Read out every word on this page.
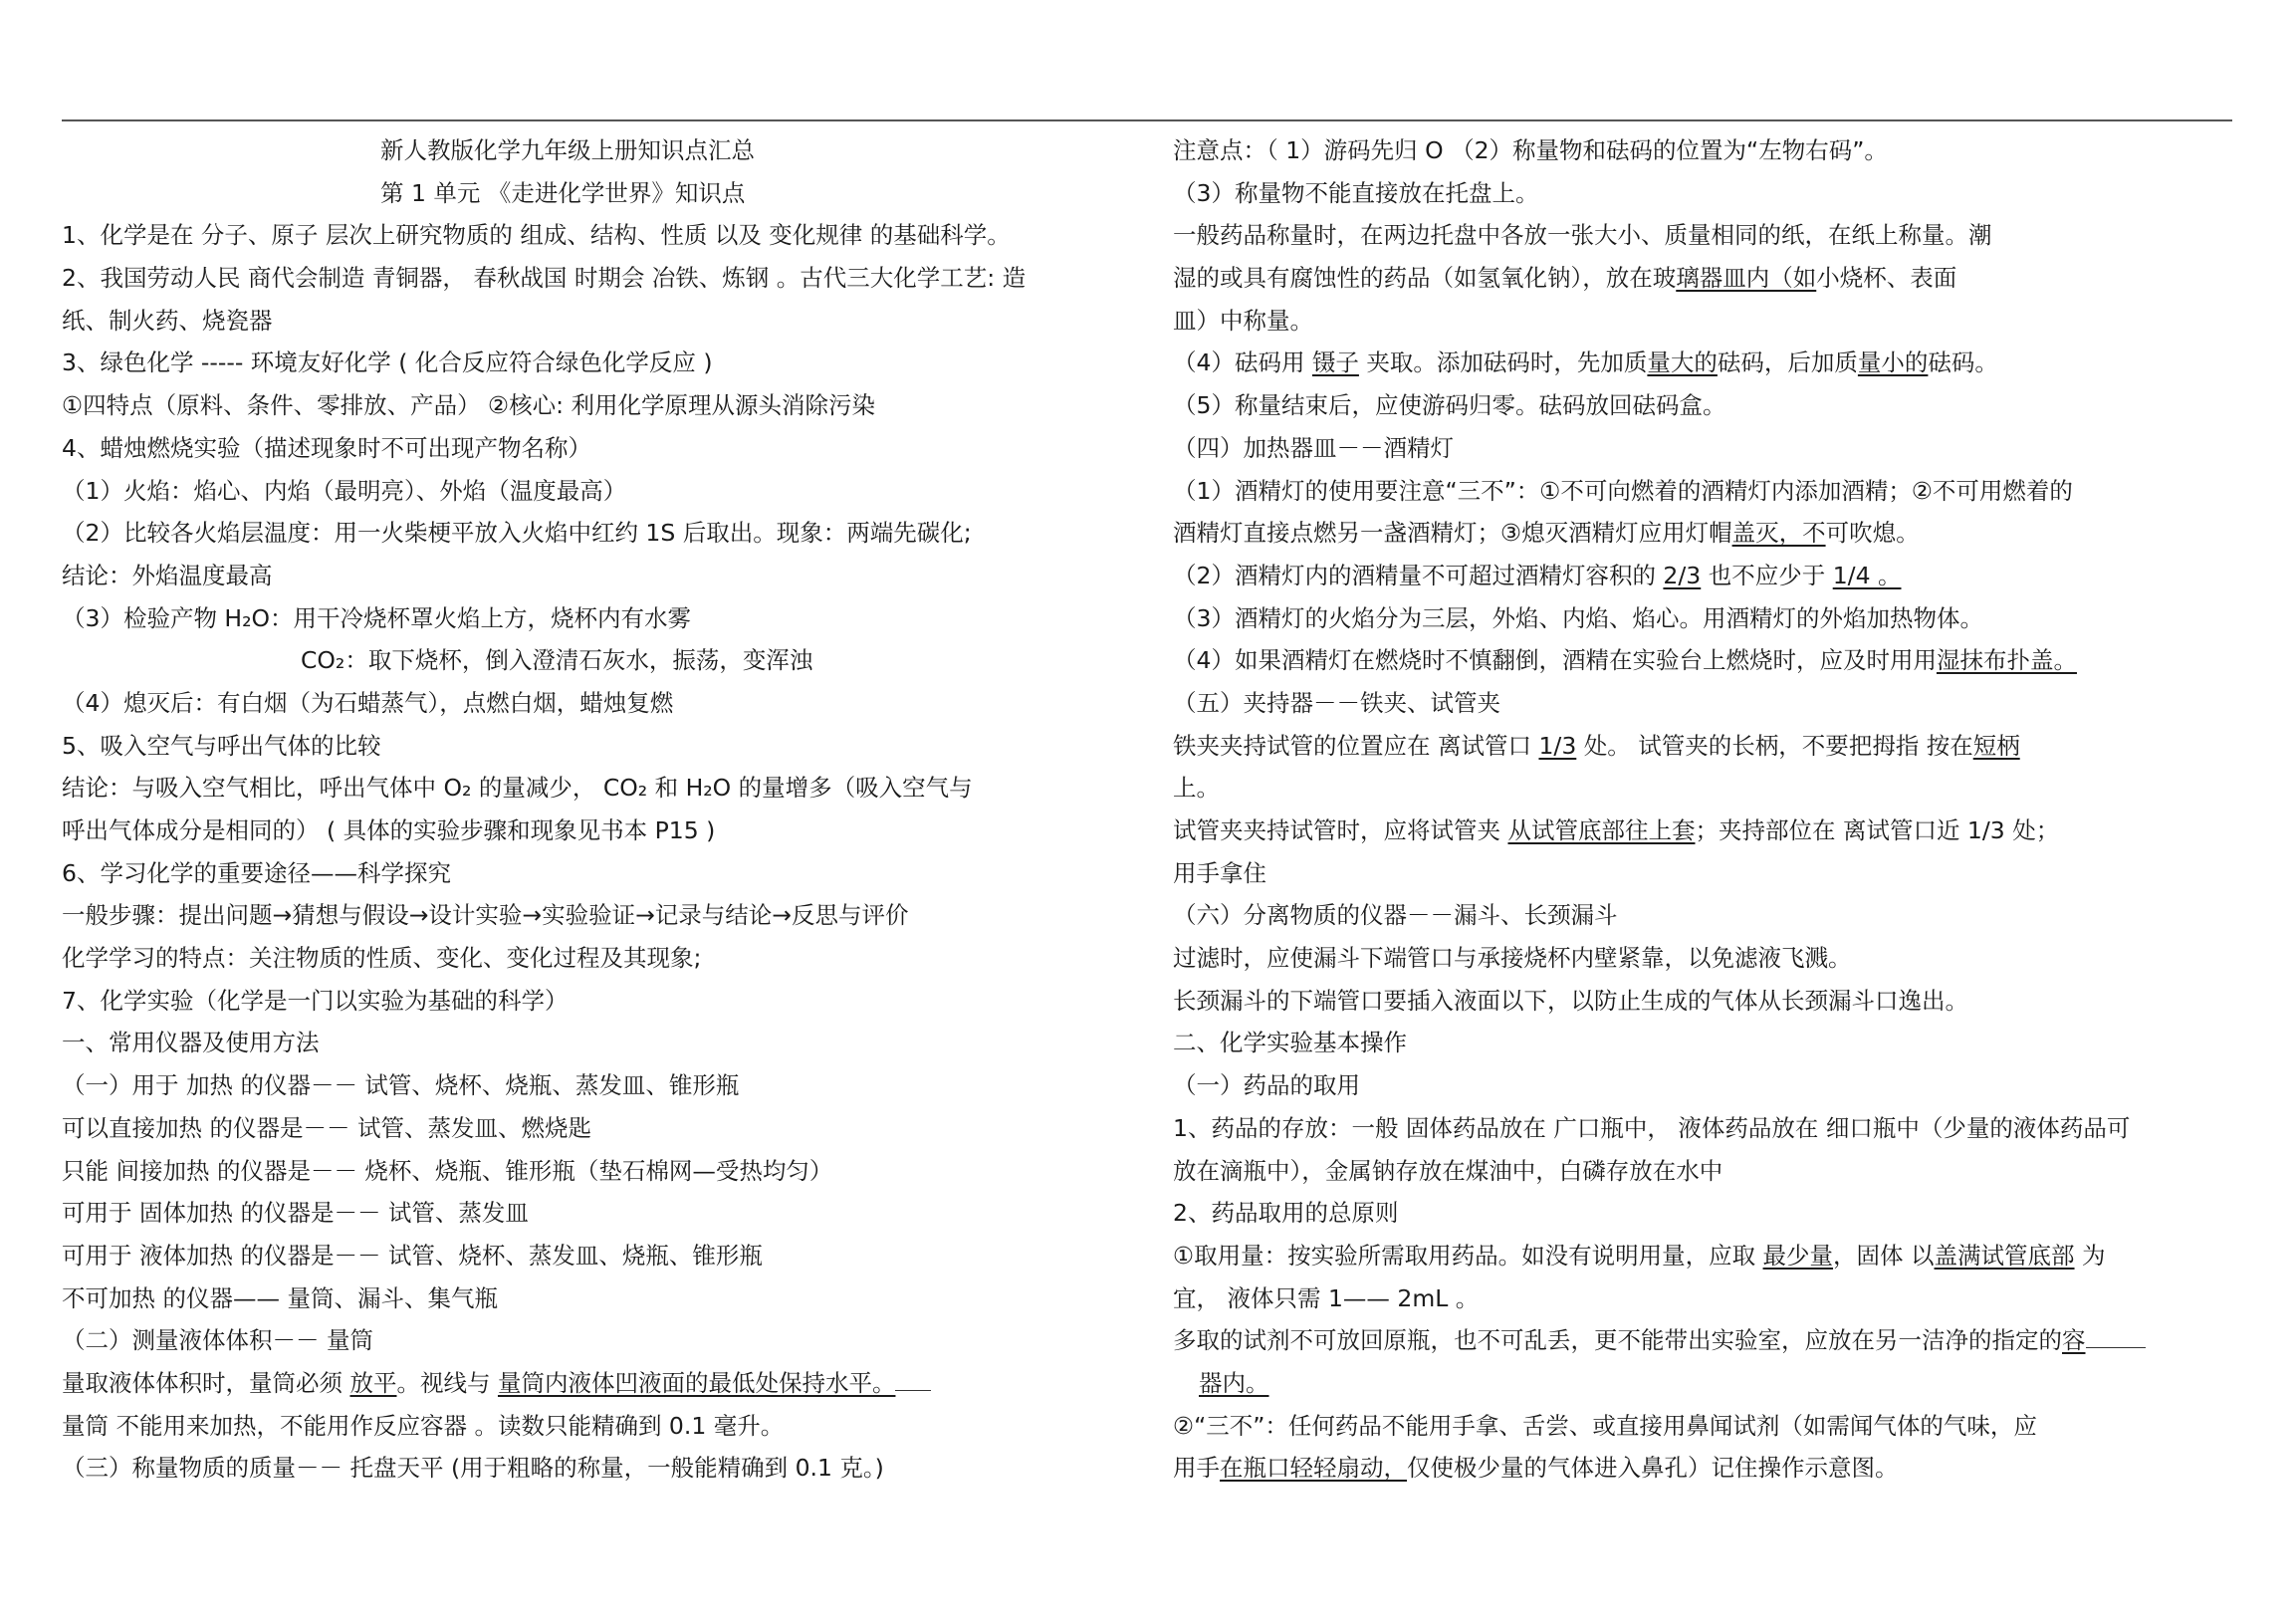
新人教版化学九年级上册知识点汇总
第 1 单元 《走进化学世界》知识点
1、化学是在 分子、原子 层次上研究物质的 组成、结构、性质 以及 变化规律 的基础科学。
2、我国劳动人民 商代会制造 青铜器， 春秋战国 时期会 冶铁、炼钢 。古代三大化学工艺: 造
纸、制火药、烧瓷器
3、绿色化学 ----- 环境友好化学 ( 化合反应符合绿色化学反应 )
①四特点（原料、条件、零排放、产品） ②核心: 利用化学原理从源头消除污染
4、蜡烛燃烧实验（描述现象时不可出现产物名称）
（1）火焰：焰心、内焰（最明亮）、外焰（温度最高）
（2）比较各火焰层温度：用一火柴梗平放入火焰中红约 1S 后取出。现象：两端先碳化;
结论：外焰温度最高
（3）检验产物 H₂O：用干冷烧杯罩火焰上方，烧杯内有水雾
CO₂：取下烧杯，倒入澄清石灰水，振荡，变浑浊
（4）熄灭后：有白烟（为石蜡蒸气），点燃白烟，蜡烛复燃
5、吸入空气与呼出气体的比较
结论：与吸入空气相比，呼出气体中 O₂ 的量减少， CO₂ 和 H₂O 的量增多（吸入空气与
呼出气体成分是相同的） ( 具体的实验步骤和现象见书本 P15 )
6、学习化学的重要途径——科学探究
一般步骤：提出问题→猜想与假设→设计实验→实验验证→记录与结论→反思与评价
化学学习的特点：关注物质的性质、变化、变化过程及其现象;
7、化学实验（化学是一门以实验为基础的科学）
一、常用仪器及使用方法
（一）用于 加热 的仪器－－ 试管、烧杯、烧瓶、蒸发皿、锥形瓶
可以直接加热 的仪器是－－ 试管、蒸发皿、燃烧匙
只能 间接加热 的仪器是－－ 烧杯、烧瓶、锥形瓶（垫石棉网—受热均匀）
可用于 固体加热 的仪器是－－ 试管、蒸发皿
可用于 液体加热 的仪器是－－ 试管、烧杯、蒸发皿、烧瓶、锥形瓶
不可加热 的仪器—— 量筒、漏斗、集气瓶
（二）测量液体体积－－ 量筒
量取液体体积时，量筒必须 放平。视线与 量筒内液体凹液面的最低处保持水平。
量筒 不能用来加热，不能用作反应容器 。读数只能精确到 0.1 毫升。
（三）称量物质的质量－－ 托盘天平 (用于粗略的称量，一般能精确到 0.1 克。)
注意点：（ 1）游码先归 O （2）称量物和砝码的位置为“左物右码”。
（3）称量物不能直接放在托盘上。
一般药品称量时，在两边托盘中各放一张大小、质量相同的纸，在纸上称量。潮
湿的或具有腐蚀性的药品（如氢氧化钠），放在玻璃器皿内（如小烧杯、表面
皿）中称量。
（4）砝码用 镊子 夹取。添加砝码时，先加质量大的砝码，后加质量小的砝码。
（5）称量结束后，应使游码归零。砝码放回砝码盒。
（四）加热器皿－－酒精灯
（1）酒精灯的使用要注意“三不”：①不可向燃着的酒精灯内添加酒精；②不可用燃着的
酒精灯直接点燃另一盏酒精灯；③熄灭酒精灯应用灯帽盖灭，不可吹熄。
（2）酒精灯内的酒精量不可超过酒精灯容积的 2/3 也不应少于 1/4 。
（3）酒精灯的火焰分为三层，外焰、内焰、焰心。用酒精灯的外焰加热物体。
（4）如果酒精灯在燃烧时不慎翻倒，酒精在实验台上燃烧时，应及时用用湿抹布扑盖。
（五）夹持器－－铁夹、试管夹
铁夹夹持试管的位置应在 离试管口 1/3 处。 试管夹的长柄，不要把拇指 按在短柄
上。
试管夹夹持试管时，应将试管夹 从试管底部往上套；夹持部位在 离试管口近 1/3 处；
用手拿住
（六）分离物质的仪器－－漏斗、长颈漏斗
过滤时，应使漏斗下端管口与承接烧杯内壁紧靠，以免滤液飞溅。
长颈漏斗的下端管口要插入液面以下，以防止生成的气体从长颈漏斗口逸出。
二、化学实验基本操作
（一）药品的取用
1、药品的存放：一般 固体药品放在 广口瓶中， 液体药品放在 细口瓶中（少量的液体药品可
放在滴瓶中），金属钠存放在煤油中，白磷存放在水中
2、药品取用的总原则
①取用量：按实验所需取用药品。如没有说明用量，应取 最少量，固体 以盖满试管底部 为
宜， 液体只需 1—— 2mL 。
多取的试剂不可放回原瓶，也不可乱丢，更不能带出实验室，应放在另一洁净的指定的容
器内。
②“三不”：任何药品不能用手拿、舌尝、或直接用鼻闻试剂（如需闻气体的气味，应
用手在瓶口轻轻扇动，仅使极少量的气体进入鼻孔）记住操作示意图。
